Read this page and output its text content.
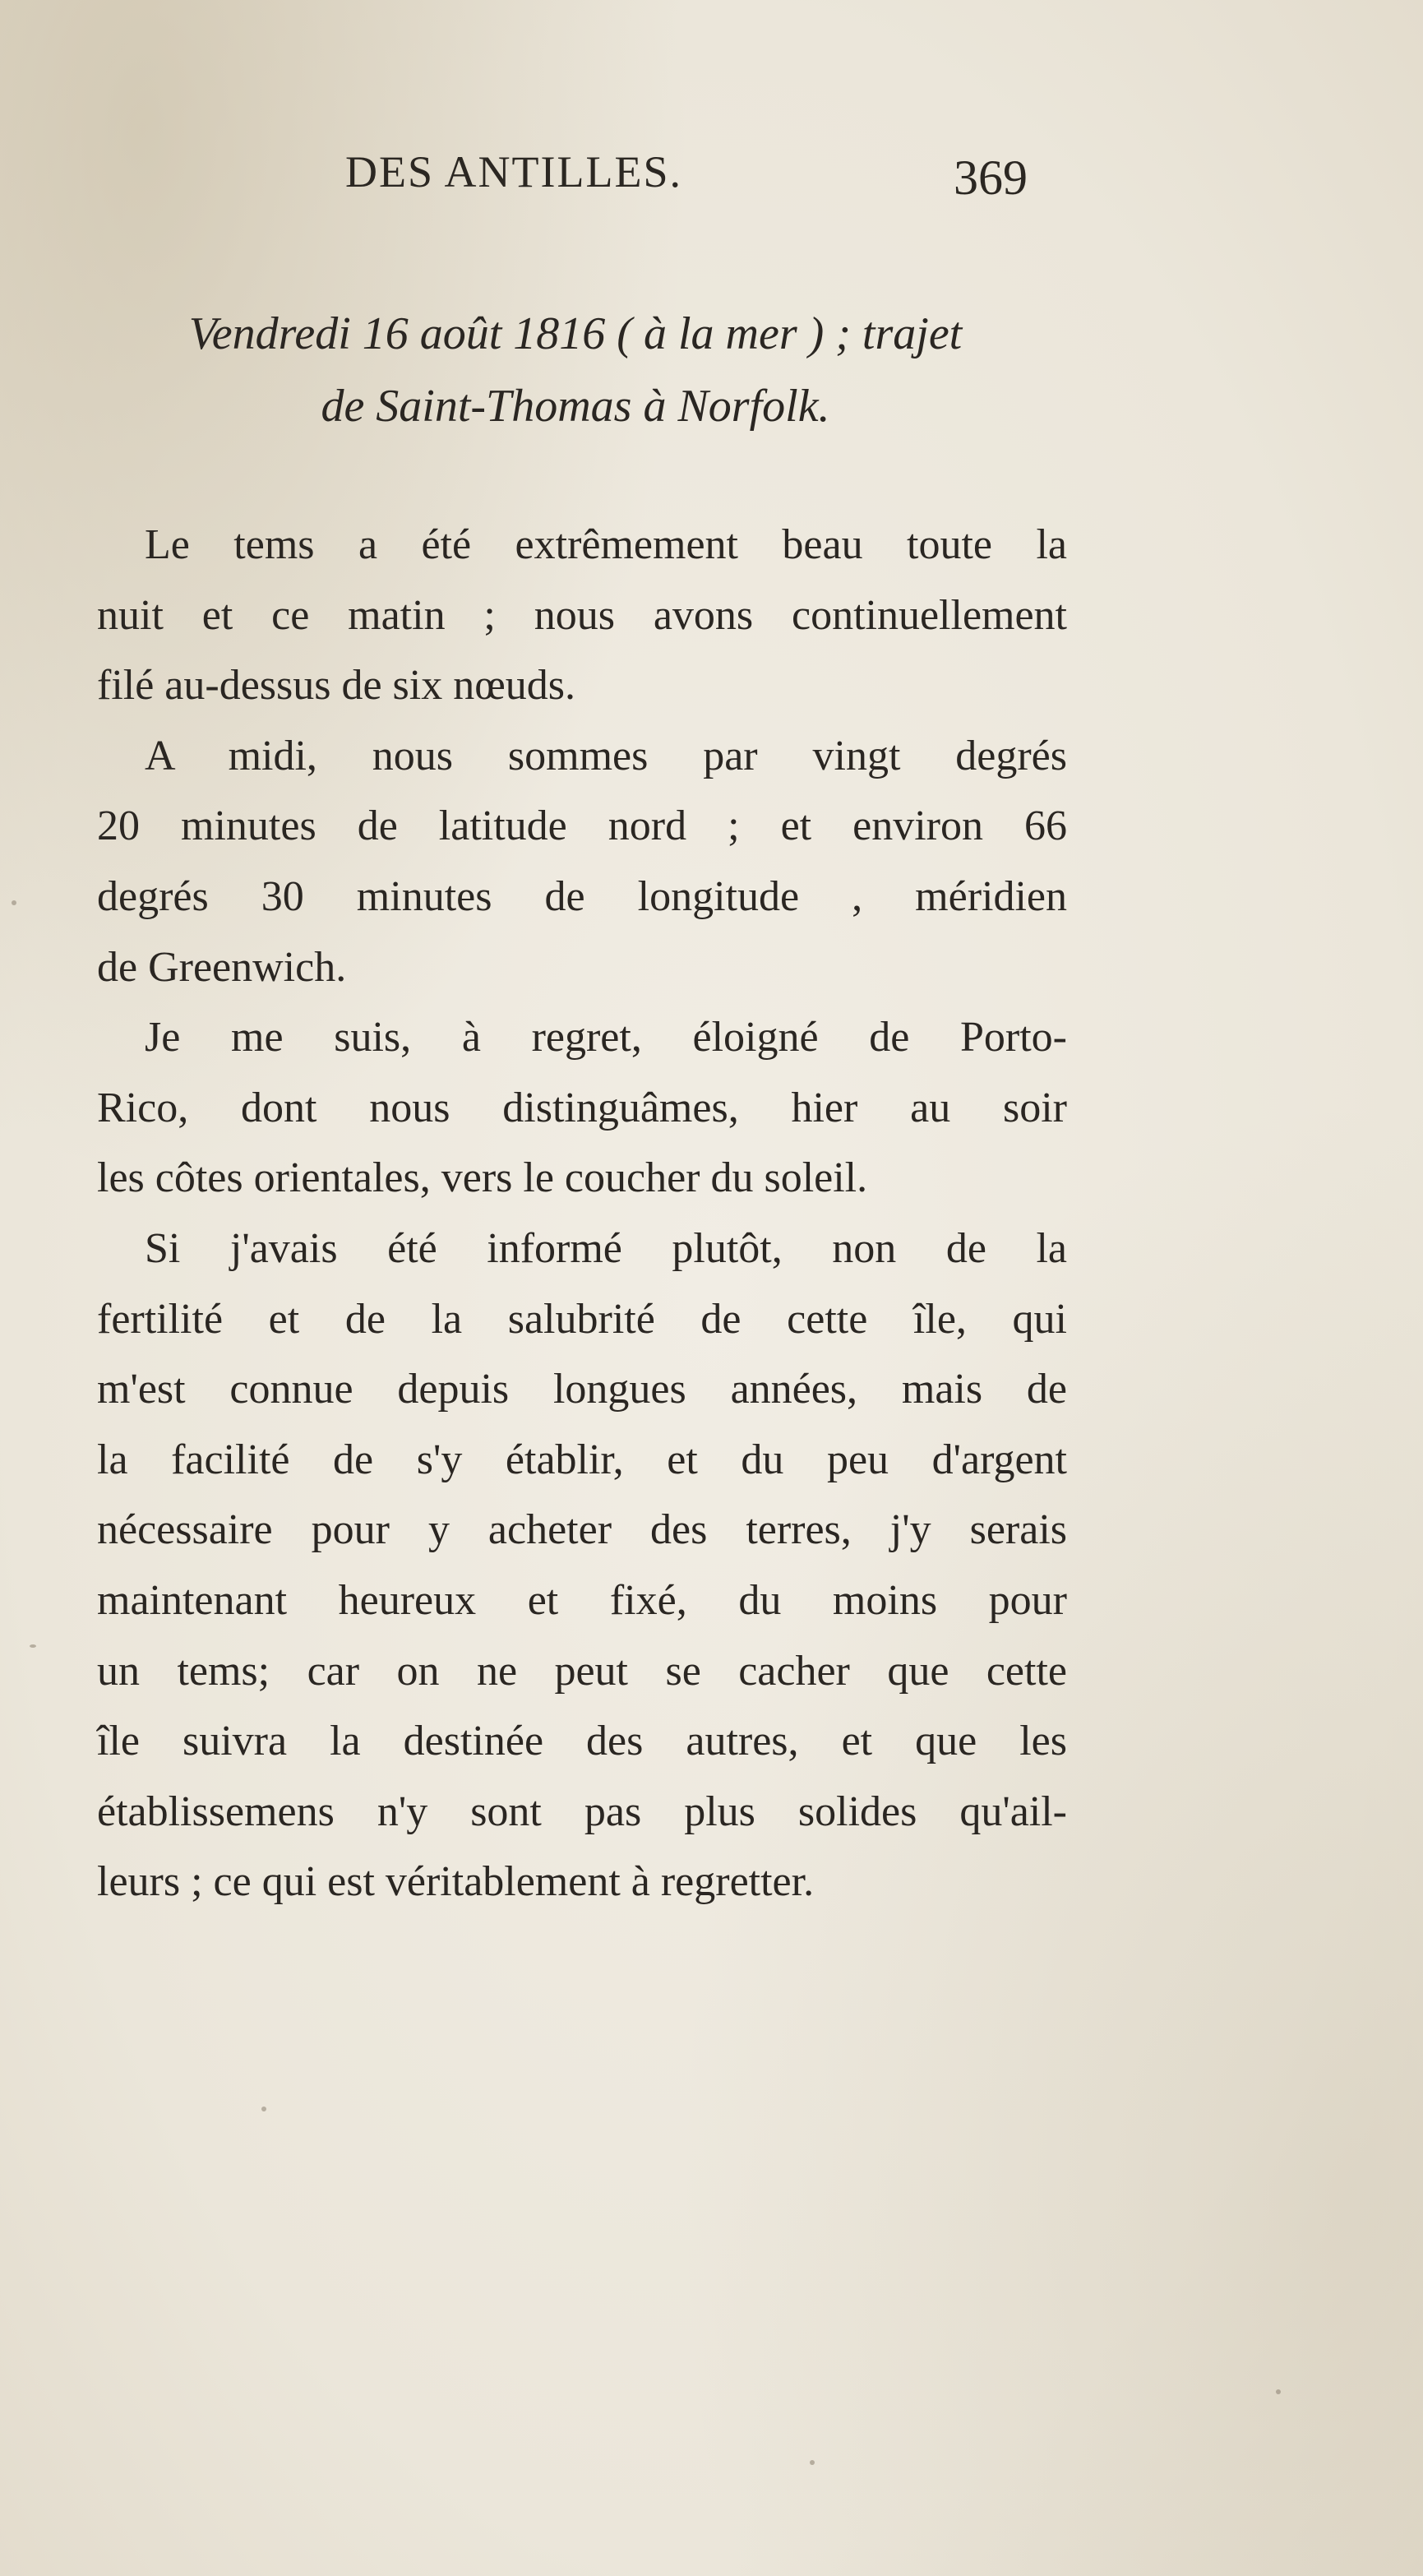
DES ANTILLES.	369
Vendredi 16 août 1816 ( à la mer ) ; trajet
de Saint-Thomas à Norfolk.
Le tems a été extrêmement beau toute la
nuit et ce matin ; nous avons continuellement
filé au-dessus de six nœuds.
A midi, nous sommes par vingt degrés
20 minutes de latitude nord ; et environ 66
degrés 30 minutes de longitude , méridien
de Greenwich.
Je me suis, à regret, éloigné de Porto-
Rico, dont nous distinguâmes, hier au soir
les côtes orientales, vers le coucher du soleil.
Si j'avais été informé plutôt, non de la
fertilité et de la salubrité de cette île, qui
m'est connue depuis longues années, mais de
la facilité de s'y établir, et du peu d'argent
nécessaire pour y acheter des terres, j'y serais
maintenant heureux et fixé, du moins pour
un tems; car on ne peut se cacher que cette
île suivra la destinée des autres, et que les
établissemens n'y sont pas plus solides qu'ail-
leurs ; ce qui est véritablement à regretter.
